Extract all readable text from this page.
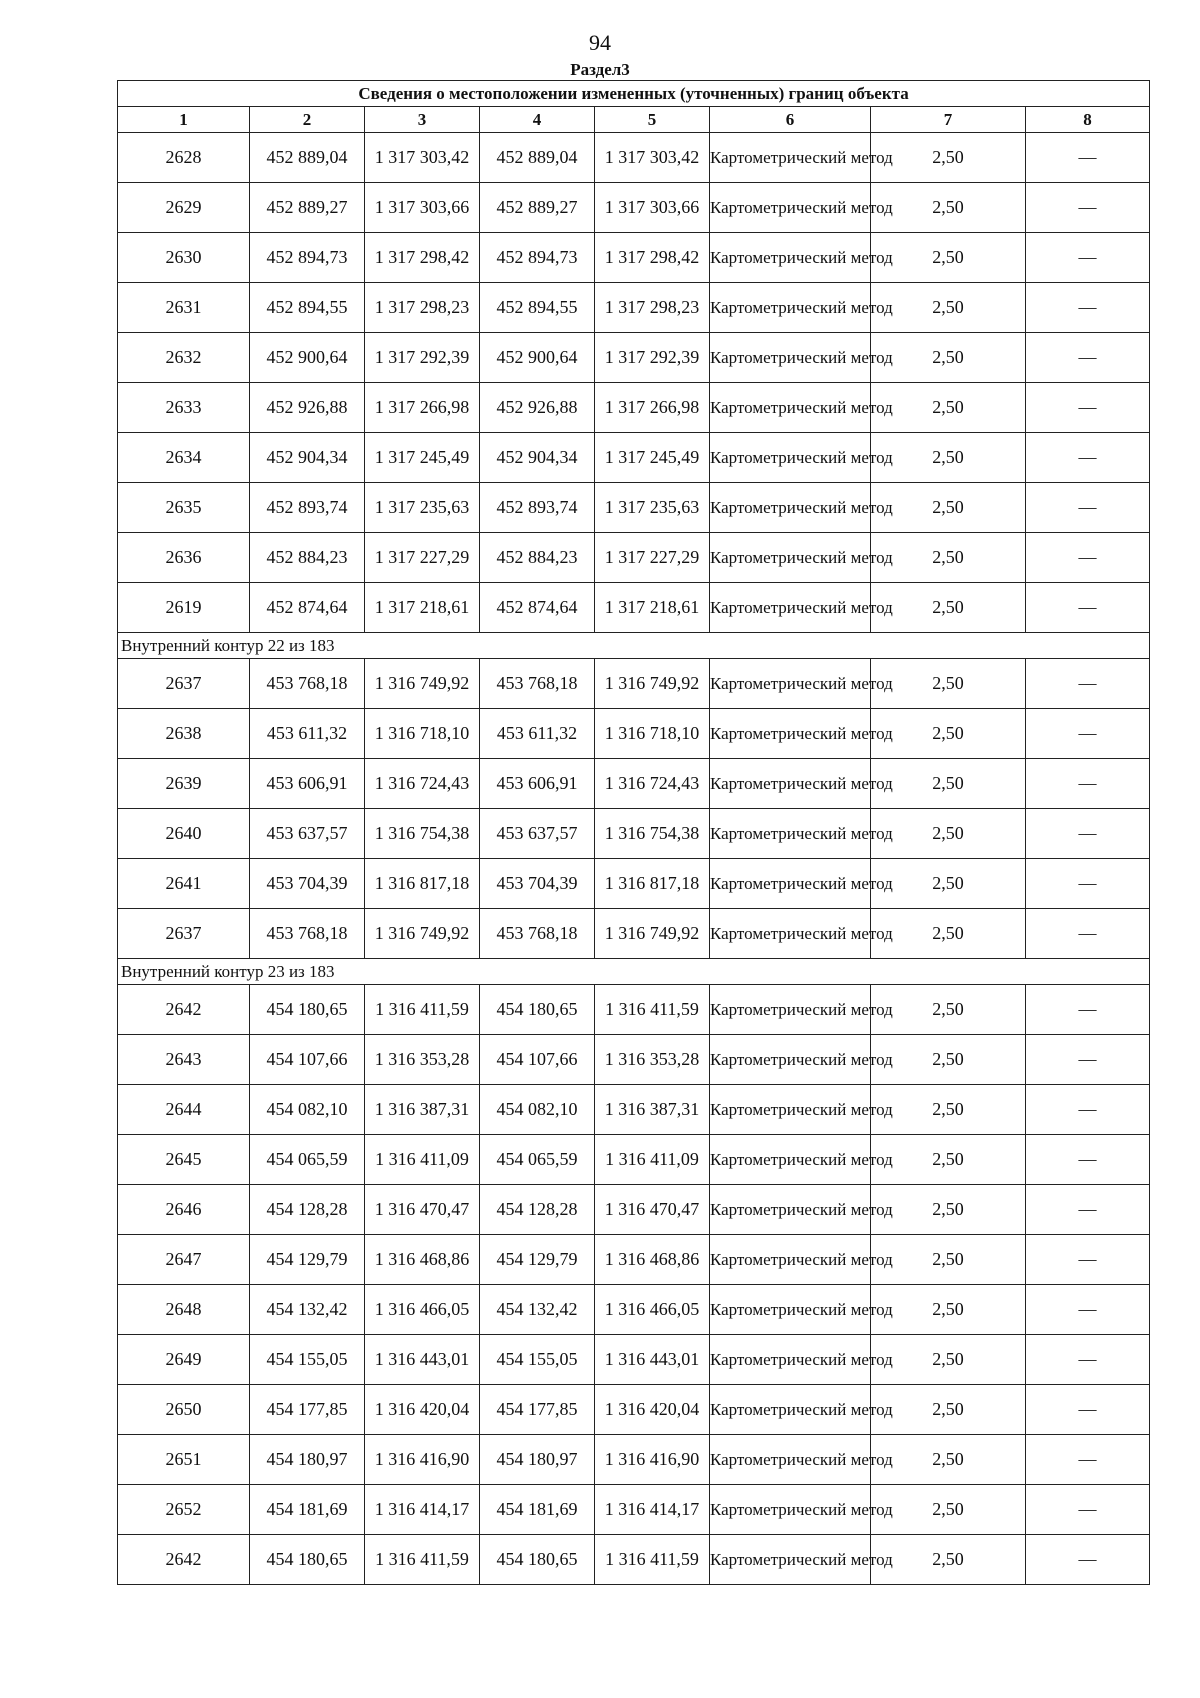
94
Раздел3
Сведения о местоположении измененных (уточненных) границ объекта							
1	2	3	4	5	6	7	8
2628	452 889,04	1 317 303,42	452 889,04	1 317 303,42	Картометрический метод	2,50	—
2629	452 889,27	1 317 303,66	452 889,27	1 317 303,66	Картометрический метод	2,50	—
2630	452 894,73	1 317 298,42	452 894,73	1 317 298,42	Картометрический метод	2,50	—
2631	452 894,55	1 317 298,23	452 894,55	1 317 298,23	Картометрический метод	2,50	—
2632	452 900,64	1 317 292,39	452 900,64	1 317 292,39	Картометрический метод	2,50	—
2633	452 926,88	1 317 266,98	452 926,88	1 317 266,98	Картометрический метод	2,50	—
2634	452 904,34	1 317 245,49	452 904,34	1 317 245,49	Картометрический метод	2,50	—
2635	452 893,74	1 317 235,63	452 893,74	1 317 235,63	Картометрический метод	2,50	—
2636	452 884,23	1 317 227,29	452 884,23	1 317 227,29	Картометрический метод	2,50	—
2619	452 874,64	1 317 218,61	452 874,64	1 317 218,61	Картометрический метод	2,50	—
Внутренний контур 22 из 183							
2637	453 768,18	1 316 749,92	453 768,18	1 316 749,92	Картометрический метод	2,50	—
2638	453 611,32	1 316 718,10	453 611,32	1 316 718,10	Картометрический метод	2,50	—
2639	453 606,91	1 316 724,43	453 606,91	1 316 724,43	Картометрический метод	2,50	—
2640	453 637,57	1 316 754,38	453 637,57	1 316 754,38	Картометрический метод	2,50	—
2641	453 704,39	1 316 817,18	453 704,39	1 316 817,18	Картометрический метод	2,50	—
2637	453 768,18	1 316 749,92	453 768,18	1 316 749,92	Картометрический метод	2,50	—
Внутренний контур 23 из 183							
2642	454 180,65	1 316 411,59	454 180,65	1 316 411,59	Картометрический метод	2,50	—
2643	454 107,66	1 316 353,28	454 107,66	1 316 353,28	Картометрический метод	2,50	—
2644	454 082,10	1 316 387,31	454 082,10	1 316 387,31	Картометрический метод	2,50	—
2645	454 065,59	1 316 411,09	454 065,59	1 316 411,09	Картометрический метод	2,50	—
2646	454 128,28	1 316 470,47	454 128,28	1 316 470,47	Картометрический метод	2,50	—
2647	454 129,79	1 316 468,86	454 129,79	1 316 468,86	Картометрический метод	2,50	—
2648	454 132,42	1 316 466,05	454 132,42	1 316 466,05	Картометрический метод	2,50	—
2649	454 155,05	1 316 443,01	454 155,05	1 316 443,01	Картометрический метод	2,50	—
2650	454 177,85	1 316 420,04	454 177,85	1 316 420,04	Картометрический метод	2,50	—
2651	454 180,97	1 316 416,90	454 180,97	1 316 416,90	Картометрический метод	2,50	—
2652	454 181,69	1 316 414,17	454 181,69	1 316 414,17	Картометрический метод	2,50	—
2642	454 180,65	1 316 411,59	454 180,65	1 316 411,59	Картометрический метод	2,50	—
